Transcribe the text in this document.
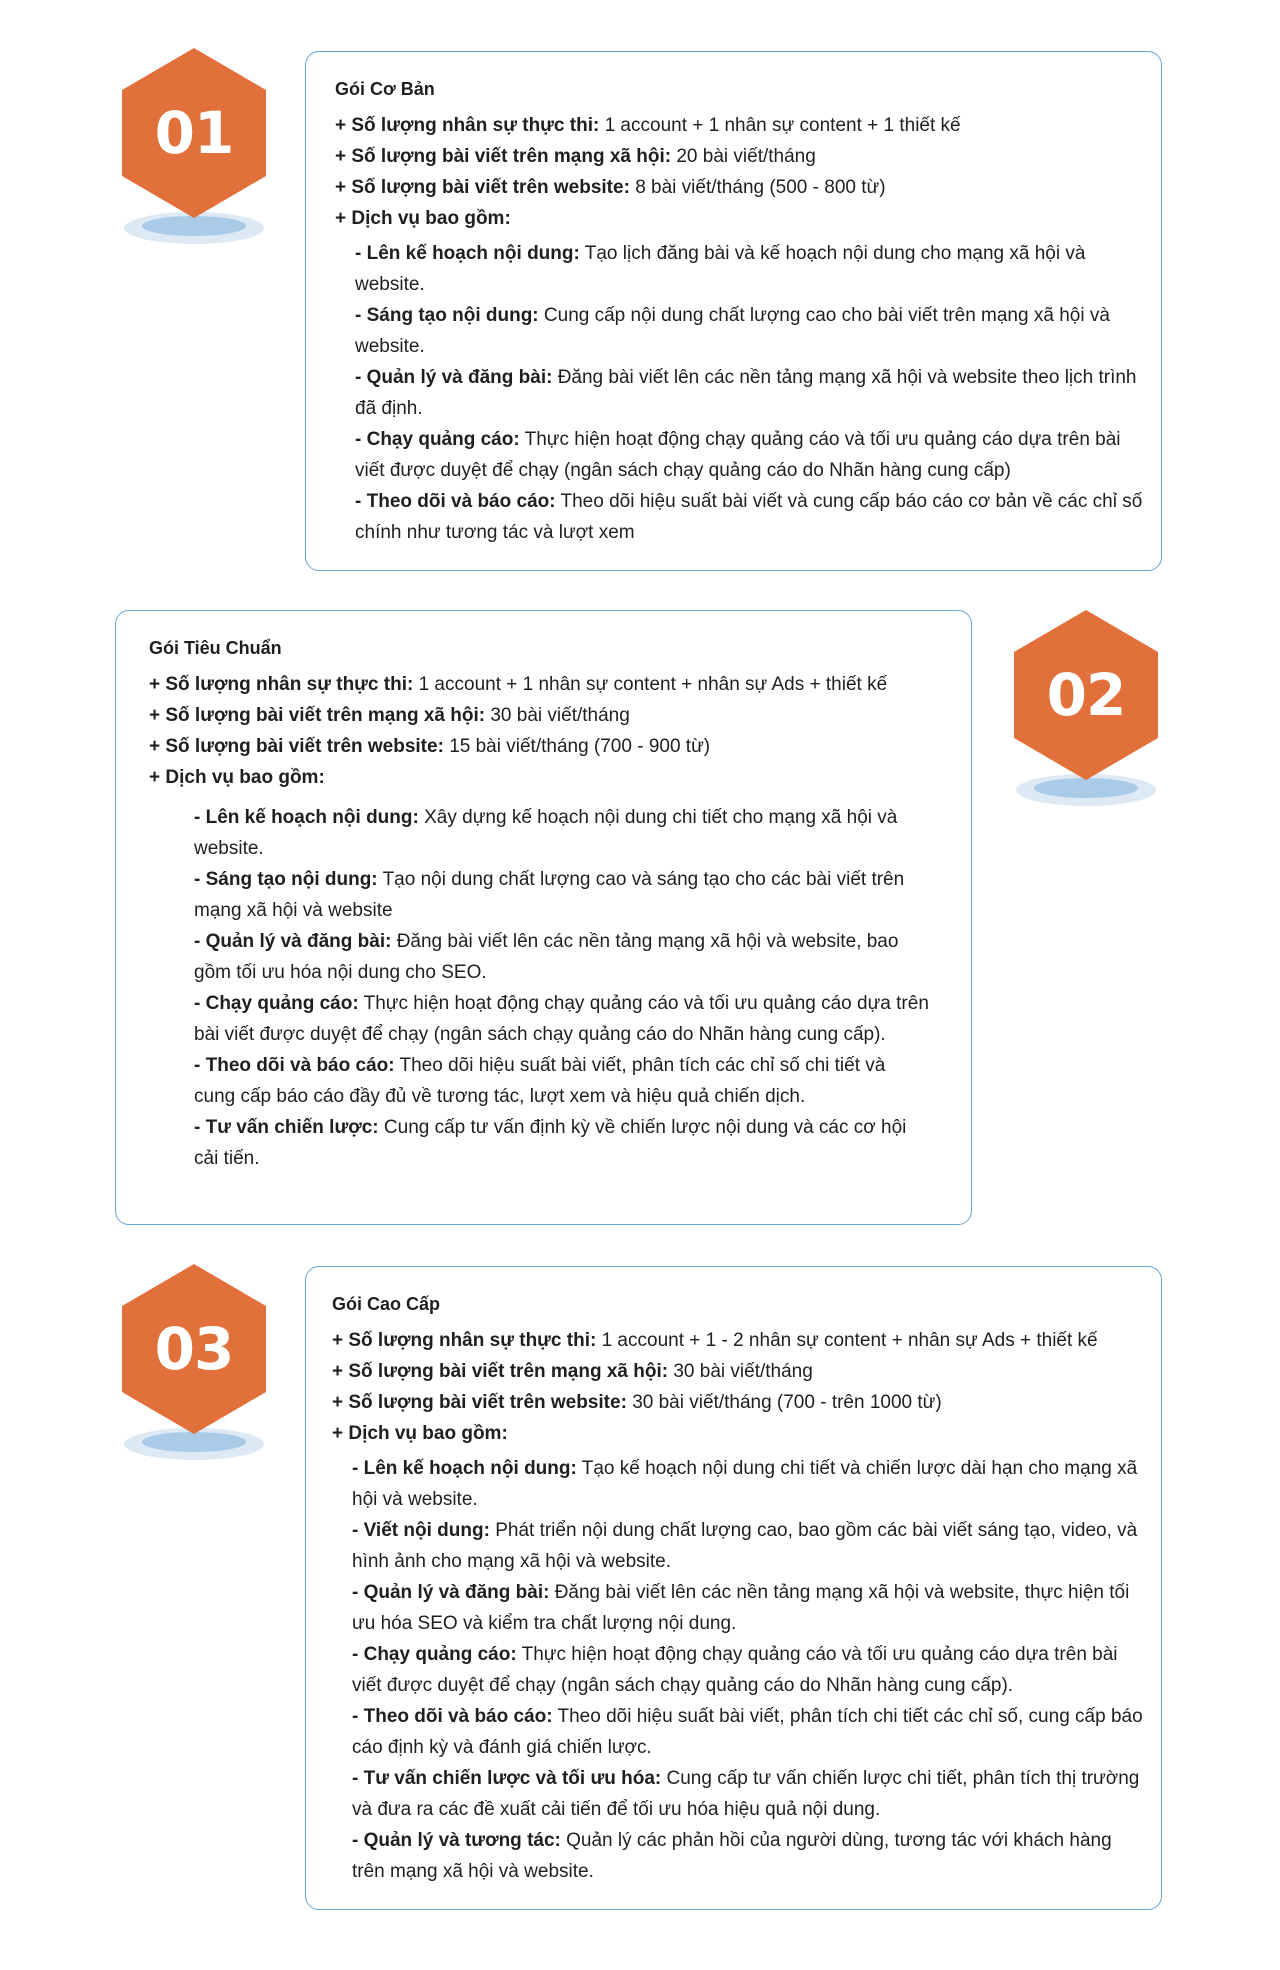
01
Gói Cơ Bản
+ Số lượng nhân sự thực thi: 1 account + 1 nhân sự content + 1 thiết kế
+ Số lượng bài viết trên mạng xã hội: 20 bài viết/tháng
+ Số lượng bài viết trên website: 8 bài viết/tháng (500 - 800 từ)
+ Dịch vụ bao gồm:
- Lên kế hoạch nội dung: Tạo lịch đăng bài và kế hoạch nội dung cho mạng xã hội và website.
- Sáng tạo nội dung: Cung cấp nội dung chất lượng cao cho bài viết trên mạng xã hội và website.
- Quản lý và đăng bài: Đăng bài viết lên các nền tảng mạng xã hội và website theo lịch trình đã định.
- Chạy quảng cáo: Thực hiện hoạt động chạy quảng cáo và tối ưu quảng cáo dựa trên bài viết được duyệt để chạy (ngân sách chạy quảng cáo do Nhãn hàng cung cấp)
- Theo dõi và báo cáo: Theo dõi hiệu suất bài viết và cung cấp báo cáo cơ bản về các chỉ số chính như tương tác và lượt xem
Gói Tiêu Chuẩn
+ Số lượng nhân sự thực thi: 1 account + 1 nhân sự content + nhân sự Ads + thiết kế
+ Số lượng bài viết trên mạng xã hội: 30 bài viết/tháng
+ Số lượng bài viết trên website: 15 bài viết/tháng (700 - 900 từ)
+ Dịch vụ bao gồm:
- Lên kế hoạch nội dung: Xây dựng kế hoạch nội dung chi tiết cho mạng xã hội và website.
- Sáng tạo nội dung: Tạo nội dung chất lượng cao và sáng tạo cho các bài viết trên mạng xã hội và website
- Quản lý và đăng bài: Đăng bài viết lên các nền tảng mạng xã hội và website, bao gồm tối ưu hóa nội dung cho SEO.
- Chạy quảng cáo: Thực hiện hoạt động chạy quảng cáo và tối ưu quảng cáo dựa trên bài viết được duyệt để chạy (ngân sách chạy quảng cáo do Nhãn hàng cung cấp).
- Theo dõi và báo cáo: Theo dõi hiệu suất bài viết, phân tích các chỉ số chi tiết và cung cấp báo cáo đầy đủ về tương tác, lượt xem và hiệu quả chiến dịch.
- Tư vấn chiến lược: Cung cấp tư vấn định kỳ về chiến lược nội dung và các cơ hội cải tiến.
02
03
Gói Cao Cấp
+ Số lượng nhân sự thực thi: 1 account + 1 - 2 nhân sự content + nhân sự Ads + thiết kế
+ Số lượng bài viết trên mạng xã hội: 30 bài viết/tháng
+ Số lượng bài viết trên website: 30 bài viết/tháng (700 - trên 1000 từ)
+ Dịch vụ bao gồm:
- Lên kế hoạch nội dung: Tạo kế hoạch nội dung chi tiết và chiến lược dài hạn cho mạng xã hội và website.
- Viết nội dung: Phát triển nội dung chất lượng cao, bao gồm các bài viết sáng tạo, video, và hình ảnh cho mạng xã hội và website.
- Quản lý và đăng bài: Đăng bài viết lên các nền tảng mạng xã hội và website, thực hiện tối ưu hóa SEO và kiểm tra chất lượng nội dung.
- Chạy quảng cáo: Thực hiện hoạt động chạy quảng cáo và tối ưu quảng cáo dựa trên bài viết được duyệt để chạy (ngân sách chạy quảng cáo do Nhãn hàng cung cấp).
- Theo dõi và báo cáo: Theo dõi hiệu suất bài viết, phân tích chi tiết các chỉ số, cung cấp báo cáo định kỳ và đánh giá chiến lược.
- Tư vấn chiến lược và tối ưu hóa: Cung cấp tư vấn chiến lược chi tiết, phân tích thị trường và đưa ra các đề xuất cải tiến để tối ưu hóa hiệu quả nội dung.
- Quản lý và tương tác: Quản lý các phản hồi của người dùng, tương tác với khách hàng trên mạng xã hội và website.
